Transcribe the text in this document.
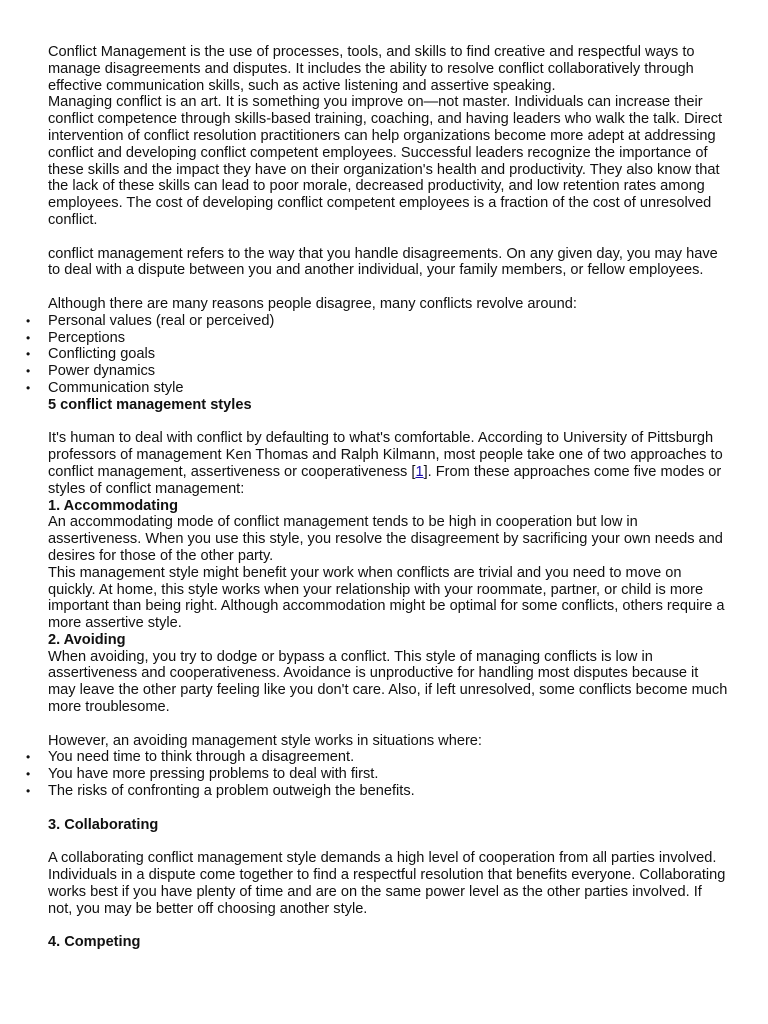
Conflict Management is the use of processes, tools, and skills to find creative and respectful ways to manage disagreements and disputes. It includes the ability to resolve conflict collaboratively through effective communication skills, such as active listening and assertive speaking.

Managing conflict is an art. It is something you improve on—not master. Individuals can increase their conflict competence through skills-based training, coaching, and having leaders who walk the talk. Direct intervention of conflict resolution practitioners can help organizations become more adept at addressing conflict and developing conflict competent employees. Successful leaders recognize the importance of these skills and the impact they have on their organization's health and productivity. They also know that the lack of these skills can lead to poor morale, decreased productivity, and low retention rates among employees. The cost of developing conflict competent employees is a fraction of the cost of unresolved conflict.

conflict management refers to the way that you handle disagreements. On any given day, you may have to deal with a dispute between you and another individual, your family members, or fellow employees.

Although there are many reasons people disagree, many conflicts revolve around:

• Personal values (real or perceived)
• Perceptions
• Conflicting goals
• Power dynamics
• Communication style

5 conflict management styles

It's human to deal with conflict by defaulting to what's comfortable. According to University of Pittsburgh professors of management Ken Thomas and Ralph Kilmann, most people take one of two approaches to conflict management, assertiveness or cooperativeness [1]. From these approaches come five modes or styles of conflict management:

1. Accommodating

An accommodating mode of conflict management tends to be high in cooperation but low in assertiveness. When you use this style, you resolve the disagreement by sacrificing your own needs and desires for those of the other party.

This management style might benefit your work when conflicts are trivial and you need to move on quickly. At home, this style works when your relationship with your roommate, partner, or child is more important than being right. Although accommodation might be optimal for some conflicts, others require a more assertive style.

2. Avoiding

When avoiding, you try to dodge or bypass a conflict. This style of managing conflicts is low in assertiveness and cooperativeness. Avoidance is unproductive for handling most disputes because it may leave the other party feeling like you don't care. Also, if left unresolved, some conflicts become much more troublesome.

However, an avoiding management style works in situations where:

• You need time to think through a disagreement.
• You have more pressing problems to deal with first.
• The risks of confronting a problem outweigh the benefits.

3. Collaborating

A collaborating conflict management style demands a high level of cooperation from all parties involved. Individuals in a dispute come together to find a respectful resolution that benefits everyone. Collaborating works best if you have plenty of time and are on the same power level as the other parties involved. If not, you may be better off choosing another style.

4. Competing
